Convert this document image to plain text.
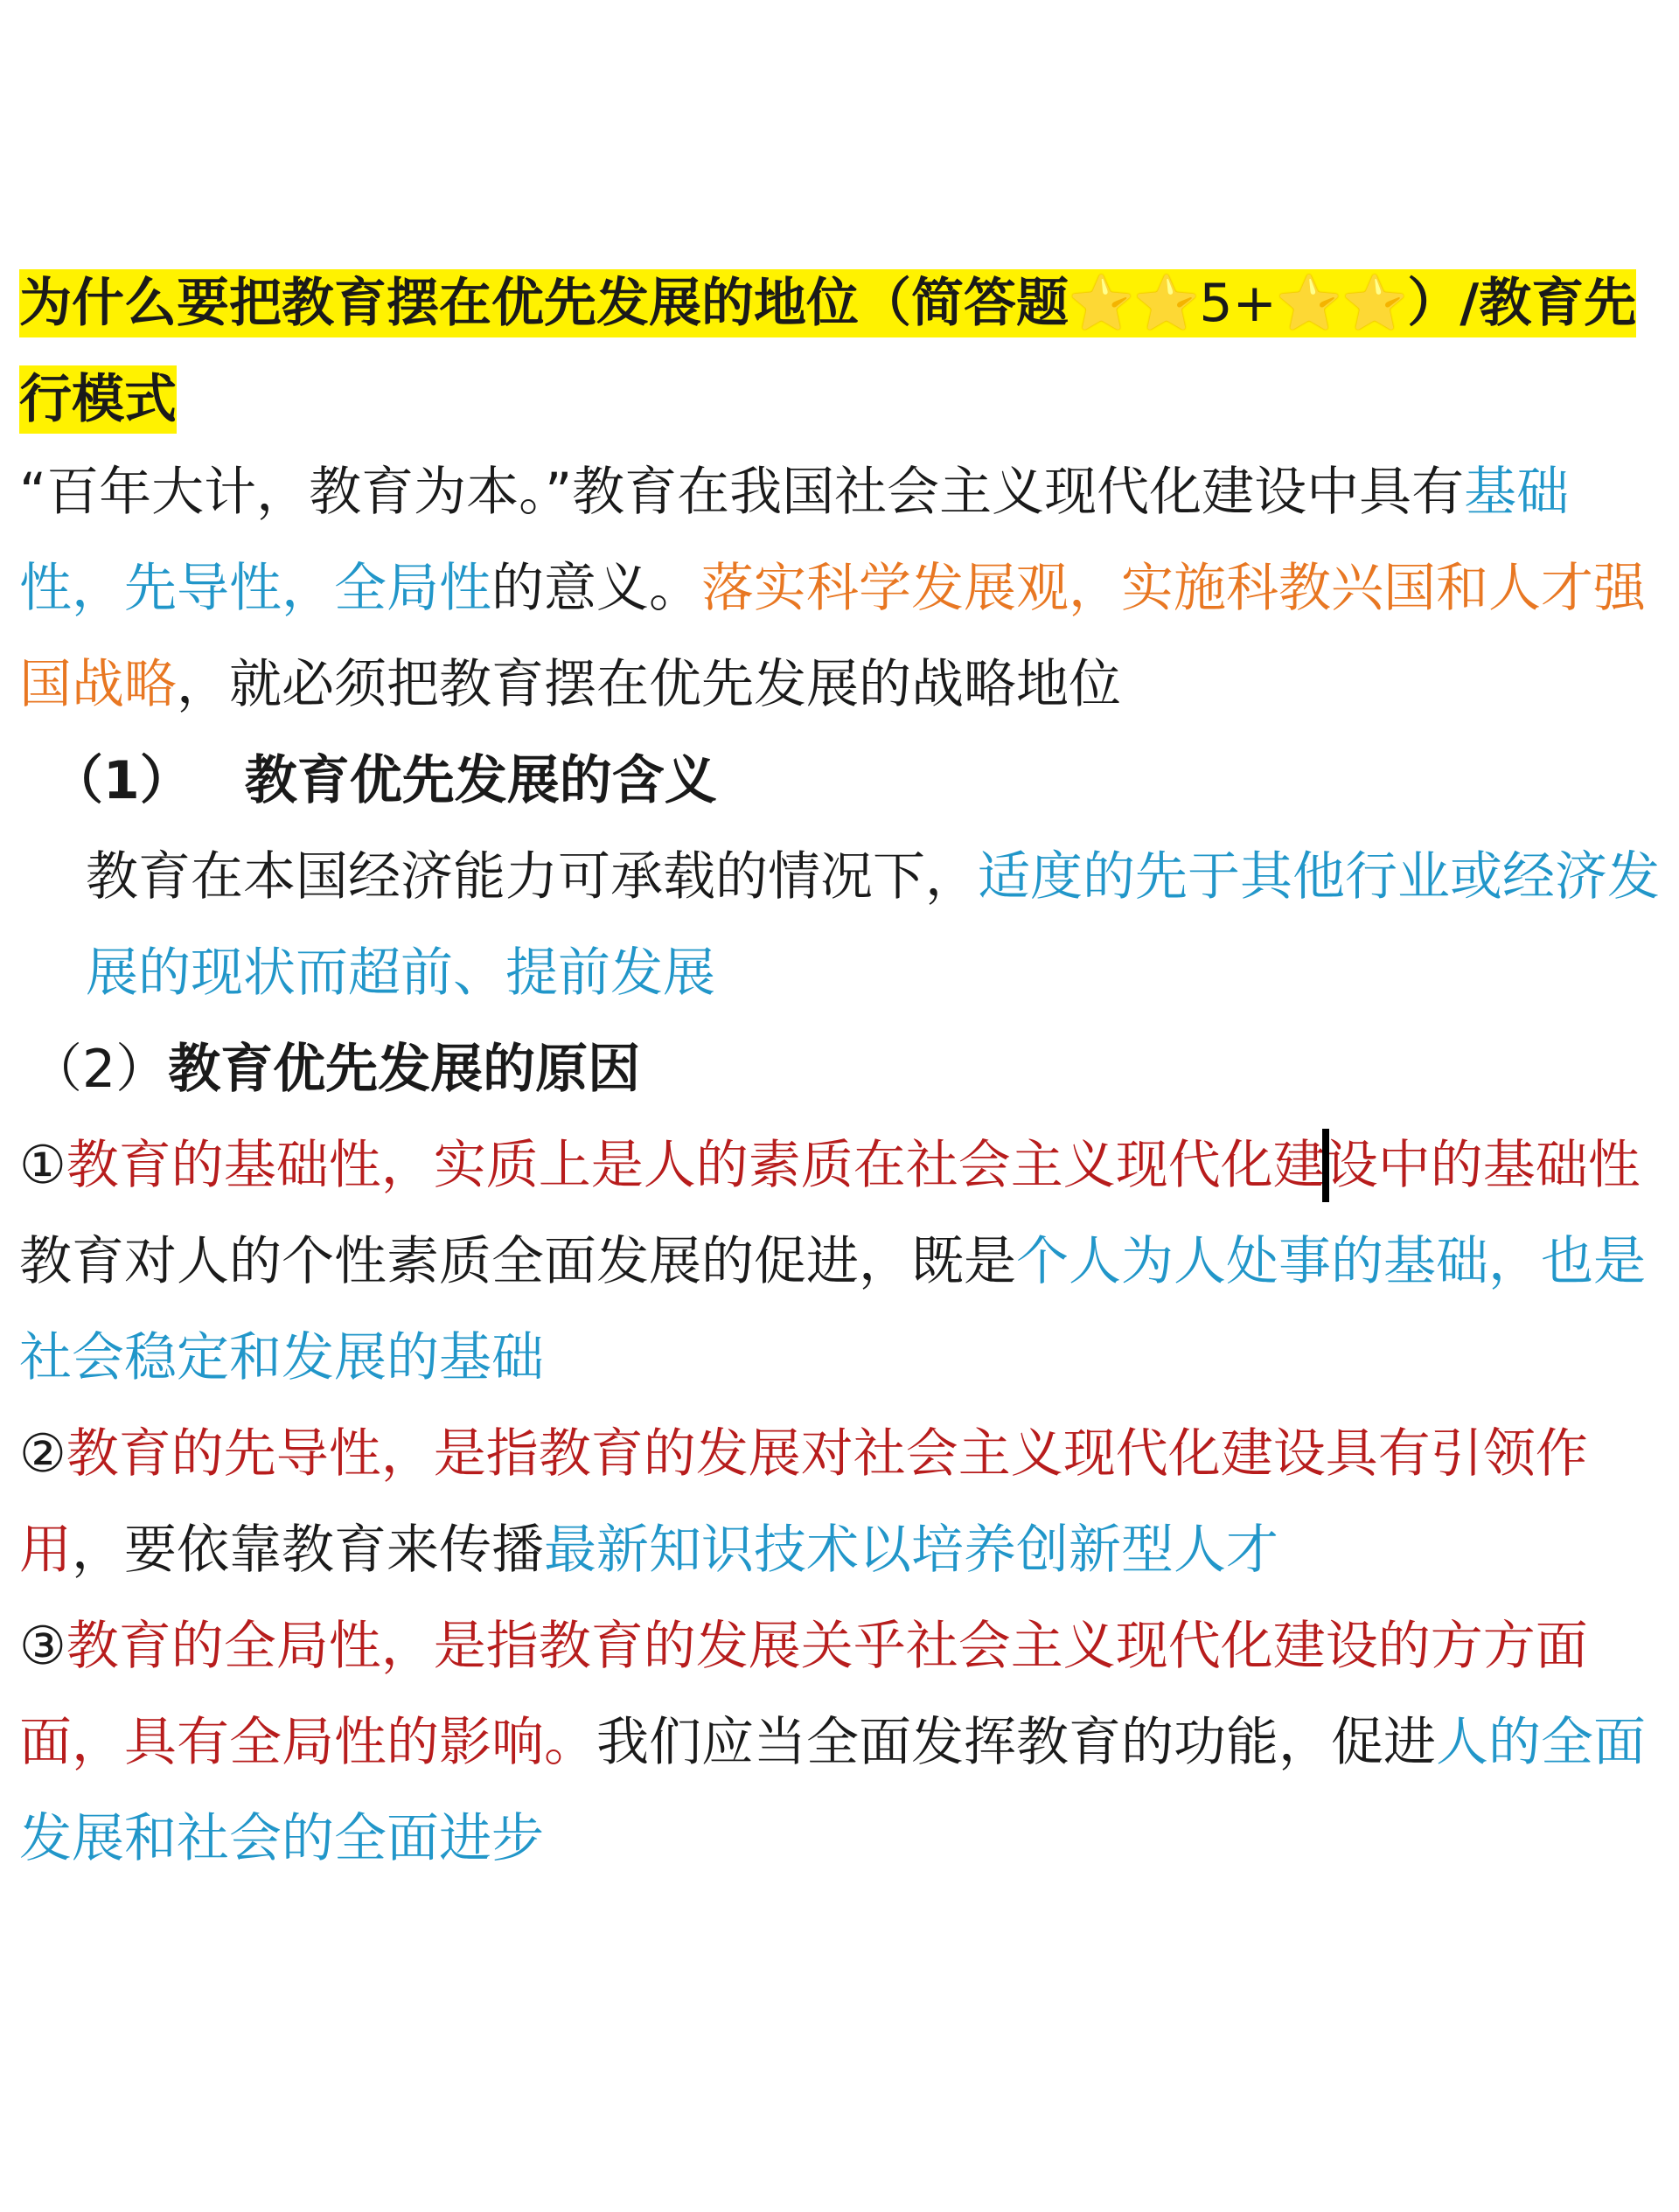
为什么要把教育摆在优先发展的地位（简答题⭐⭐5+⭐⭐）/教育先行模式

“百年大计，教育为本。”教育在我国社会主义现代化建设中具有基础性，先导性，全局性的意义。落实科学发展观，实施科教兴国和人才强国战略，就必须把教育摆在优先发展的战略地位

（1） 教育优先发展的含义

教育在本国经济能力可承载的情况下，适度的先于其他行业或经济发展的现状而超前、提前发展

（2）教育优先发展的原因

①教育的基础性，实质上是人的素质在社会主义现代化建设中的基础性

教育对人的个性素质全面发展的促进，既是个人为人处事的基础，也是社会稳定和发展的基础

②教育的先导性，是指教育的发展对社会主义现代化建设具有引领作用，要依靠教育来传播最新知识技术以培养创新型人才

③教育的全局性，是指教育的发展关乎社会主义现代化建设的方方面面，具有全局性的影响。我们应当全面发挥教育的功能，促进人的全面发展和社会的全面进步
